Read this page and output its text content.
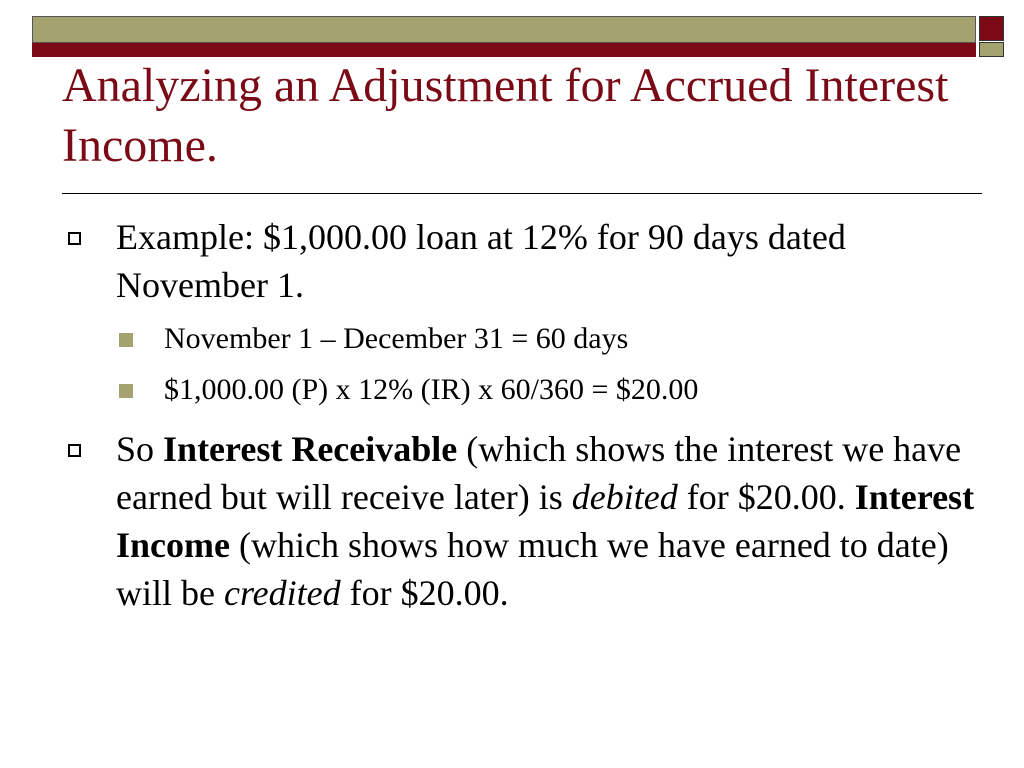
Analyzing an Adjustment for Accrued Interest Income.
Example: $1,000.00 loan at 12% for 90 days dated November 1.
November 1 – December 31 = 60 days
$1,000.00 (P) x 12% (IR) x 60/360 = $20.00
So Interest Receivable (which shows the interest we have earned but will receive later) is debited for $20.00. Interest Income (which shows how much we have earned to date) will be credited for $20.00.
